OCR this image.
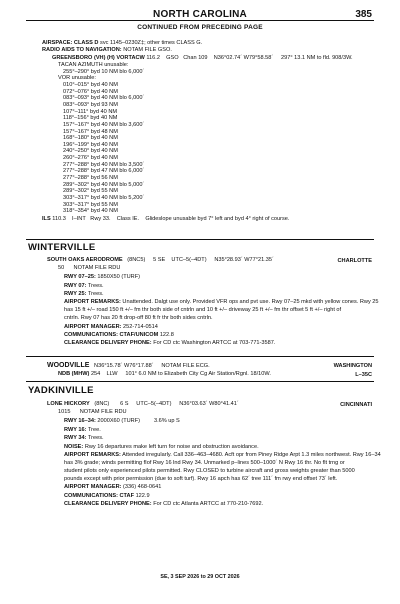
NORTH CAROLINA	385
CONTINUED FROM PRECEDING PAGE
AIRSPACE: CLASS D svc 1145–0230Z‡; other times CLASS G.
RADIO AIDS TO NAVIGATION: NOTAM FILE GSO.
GREENSBORO (VH) (H) VORTACW 116.2    GSO   Chan 109    N36°02.74´ W79°58.58´     297° 13.1 NM to fld. 908/3W.
TACAN AZIMUTH unusable:
255°–290° byd 10 NM blo 6,000´
VOR unusable:
010°–015° byd 40 NM
072°–076° byd 40 NM
083°–093° byd 40 NM blo 6,000´
083°–093° byd 93 NM
107°–111° byd 40 NM
118°–156° byd 40 NM
157°–167° byd 40 NM blo 3,600´
157°–167° byd 48 NM
168°–180° byd 40 NM
196°–199° byd 40 NM
240°–250° byd 40 NM
260°–276° byd 40 NM
277°–288° byd 40 NM blo 3,500´
277°–288° byd 47 NM blo 6,000´
277°–288° byd 56 NM
289°–302° byd 40 NM blo 5,000´
289°–302° byd 55 NM
303°–317° byd 40 NM blo 5,200´
303°–317° byd 55 NM
318°–354° byd 40 NM
ILS 110.3    I–INT   Rwy 33.    Class IE.    Glideslope unusable byd 7° left and byd 4° right of course.
WINTERVILLE
SOUTH OAKS AERODROME   (8NC5)     5 SE    UTC–5(–4DT)     N35°28.93´ W77°21.35´	CHARLOTTE
50      NOTAM FILE RDU
RWY 07–25: 1850X50 (TURF)
RWY 07: Trees.
RWY 25: Trees.
AIRPORT REMARKS: Unattended. Dalgt use only. Provided VFR ops and pvt use. Rwy 07–25 mkd with yellow cones. Rwy 25
has 15 ft +/– road 150 ft +/– fm thr both side of cntrln and 10 ft +/– driveway 25 ft +/– fm thr offset 5 ft +/– right of
cntrln. Rwy 07 has 20 ft drop-off 80 ft fr thr both sides cntrln.
AIRPORT MANAGER: 252-714-0514
COMMUNICATIONS: CTAF/UNICOM 122.8
CLEARANCE DELIVERY PHONE: For CD ctc Washington ARTCC at 703-771-3587.
WOODVILLE   N36°15.78´ W76°17.88´     NOTAM FILE ECG.	WASHINGTON
NDB (MHW) 254    LLW     101° 6.0 NM to Elizabeth City Cg Air Station/Rgnl. 18/10W.	L–35C
YADKINVILLE
LONE HICKORY   (8NC)       6 S     UTC–5(–4DT)     N36°03.63´ W80°41.41´	CINCINNATI
1015      NOTAM FILE RDU
RWY 16–34: 2000X60 (TURF)         3.6% up S
RWY 16: Tree.
RWY 34: Trees.
NOISE: Rwy 16 departures make left turn for noise and obstruction avoidance.
AIRPORT REMARKS: Attended irregularly. Call 336–463–4680. Acft opr from Piney Ridge Arpt 1.3 miles northwest. Rwy 16–34
has 3% grade; winds permitting fIof Rwy 16 lnd Rwy 34. Unmarked p–lines 500–1000´ N Rwy 16 thr. No flt trng or
student pilots only experienced pilots permitted. Rwy CLOSED to turbine aircraft and gross weights greater than 5000
pounds except with prior permission (due to soft turf). Rwy 16 apch has 62´ tree 111´ fm rwy end offset 73´ left.
AIRPORT MANAGER: (336) 468-0641
COMMUNICATIONS: CTAF 122.9
CLEARANCE DELIVERY PHONE: For CD ctc Atlanta ARTCC at 770-210-7692.
SE, 3 SEP 2026 to 29 OCT 2026
